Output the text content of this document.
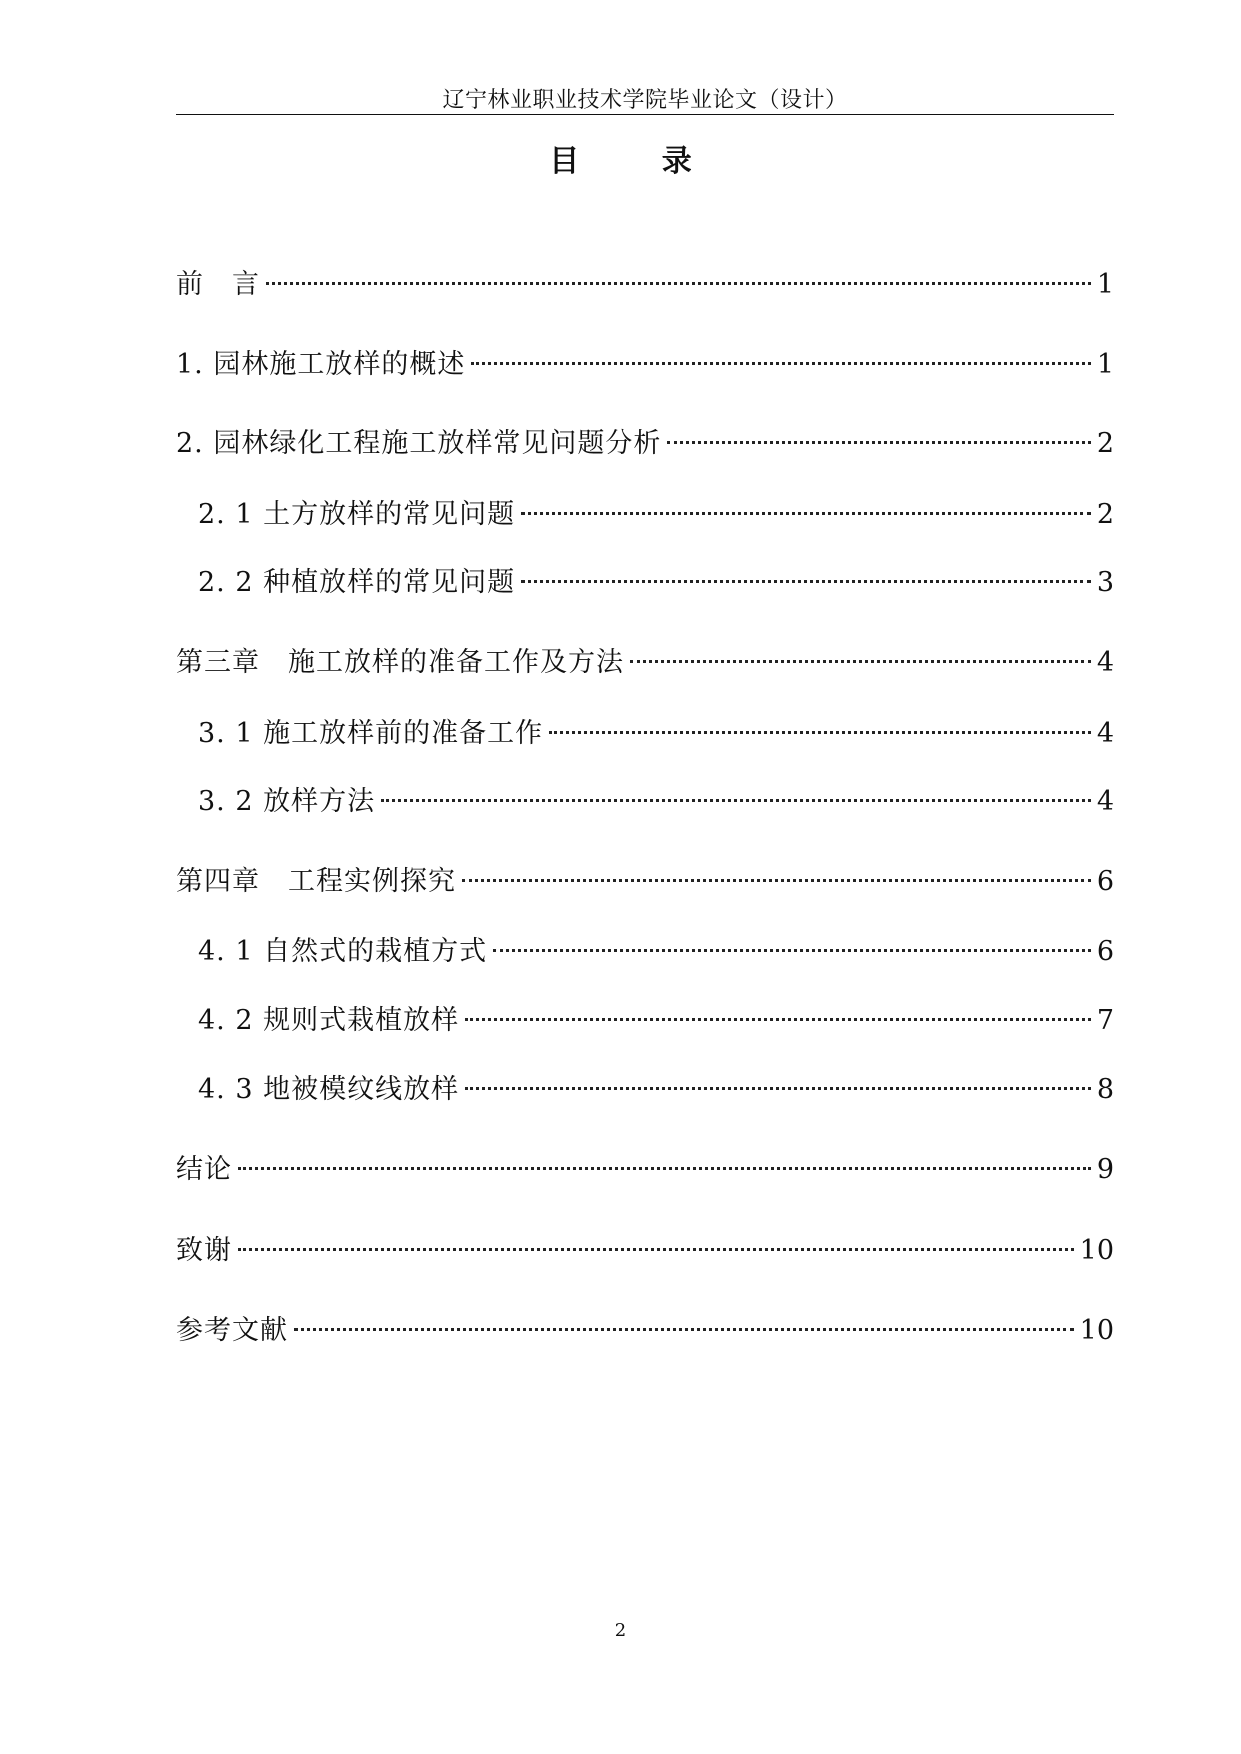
辽宁林业职业技术学院毕业论文（设计）
目 录
前　言	1
1. 园林施工放样的概述	1
2. 园林绿化工程施工放样常见问题分析	2
2. 1 土方放样的常见问题	2
2. 2 种植放样的常见问题	3
第三章　施工放样的准备工作及方法	4
3. 1 施工放样前的准备工作	4
3. 2 放样方法	4
第四章　工程实例探究	6
4. 1 自然式的栽植方式	6
4. 2 规则式栽植放样	7
4. 3 地被模纹线放样	8
结论	9
致谢	10
参考文献	10
2
